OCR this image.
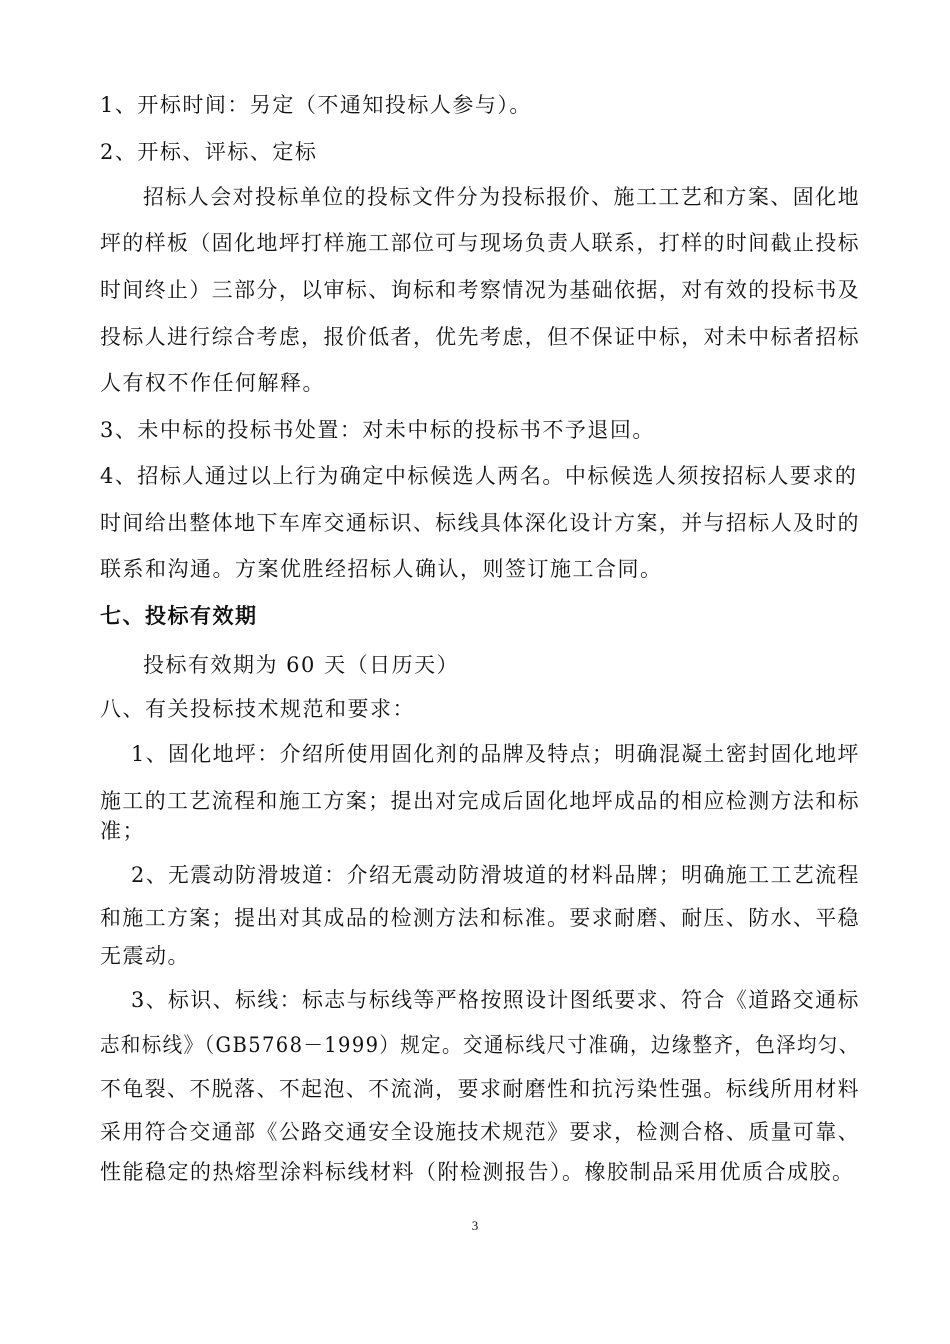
1、开标时间：另定（不通知投标人参与）。

2、开标、评标、定标

招标人会对投标单位的投标文件分为投标报价、施工工艺和方案、固化地

坪的样板（固化地坪打样施工部位可与现场负责人联系，打样的时间截止投标

时间终止）三部分，以审标、询标和考察情况为基础依据，对有效的投标书及

投标人进行综合考虑，报价低者，优先考虑，但不保证中标，对未中标者招标

人有权不作任何解释。

3、未中标的投标书处置：对未中标的投标书不予退回。

4、招标人通过以上行为确定中标候选人两名。中标候选人须按招标人要求的

时间给出整体地下车库交通标识、标线具体深化设计方案，并与招标人及时的

联系和沟通。方案优胜经招标人确认，则签订施工合同。

七、投标有效期

投标有效期为 60 天（日历天）

八、有关投标技术规范和要求：

1、固化地坪：介绍所使用固化剂的品牌及特点；明确混凝土密封固化地坪

施工的工艺流程和施工方案；提出对完成后固化地坪成品的相应检测方法和标

准；

2、无震动防滑坡道：介绍无震动防滑坡道的材料品牌；明确施工工艺流程

和施工方案；提出对其成品的检测方法和标准。要求耐磨、耐压、防水、平稳

无震动。

3、标识、标线：标志与标线等严格按照设计图纸要求、符合《道路交通标

志和标线》（GB5768－1999）规定。交通标线尺寸准确，边缘整齐，色泽均匀、

不龟裂、不脱落、不起泡、不流淌，要求耐磨性和抗污染性强。标线所用材料

采用符合交通部《公路交通安全设施技术规范》要求，检测合格、质量可靠、

性能稳定的热熔型涂料标线材料（附检测报告）。橡胶制品采用优质合成胶。

3
